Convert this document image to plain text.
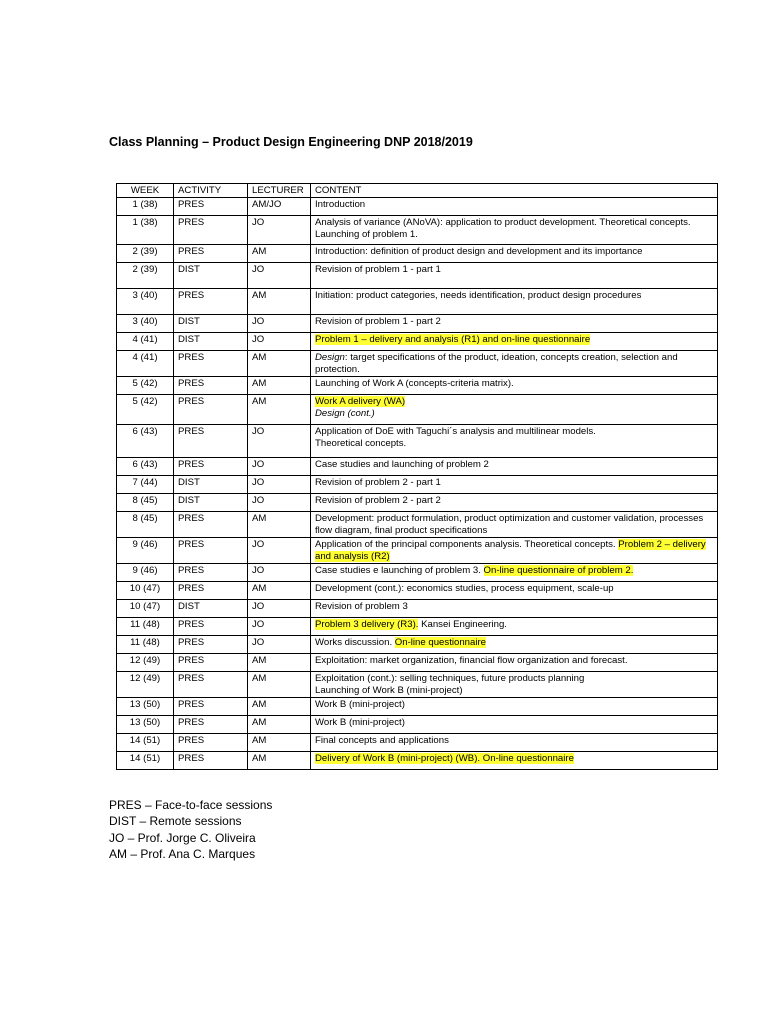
Class Planning – Product Design Engineering DNP 2018/2019
WEEK	ACTIVITY	LECTURER	CONTENT
1 (38)	PRES	AM/JO	Introduction
1 (38)	PRES	JO	Analysis of variance (ANoVA): application to product development. Theoretical concepts. Launching of problem 1.
2 (39)	PRES	AM	Introduction: definition of product design and development and its importance
2 (39)	DIST	JO	Revision of problem 1 - part 1
3 (40)	PRES	AM	Initiation: product categories, needs identification, product design procedures
3 (40)	DIST	JO	Revision of problem 1 - part 2
4 (41)	DIST	JO	Problem 1 – delivery and analysis (R1) and on-line questionnaire
4 (41)	PRES	AM	Design: target specifications of the product, ideation, concepts creation, selection and protection.
5 (42)	PRES	AM	Launching of Work A (concepts-criteria matrix).
5 (42)	PRES	AM	Work A delivery (WA)
Design (cont.)
6 (43)	PRES	JO	Application of DoE with Taguchi´s analysis and multilinear models.
Theoretical concepts.
6 (43)	PRES	JO	Case studies and launching of problem 2
7 (44)	DIST	JO	Revision of problem 2 - part 1
8 (45)	DIST	JO	Revision of problem 2 - part 2
8 (45)	PRES	AM	Development: product formulation, product optimization and customer validation, processes flow diagram, final product specifications
9 (46)	PRES	JO	Application of the principal components analysis. Theoretical concepts. Problem 2 – delivery and analysis (R2)
9 (46)	PRES	JO	Case studies e launching of problem 3. On-line questionnaire of problem 2.
10 (47)	PRES	AM	Development (cont.): economics studies, process equipment, scale-up
10 (47)	DIST	JO	Revision of problem 3
11 (48)	PRES	JO	Problem 3 delivery (R3). Kansei Engineering.
11 (48)	PRES	JO	Works discussion. On-line questionnaire
12 (49)	PRES	AM	Exploitation: market organization, financial flow organization and forecast.
12 (49)	PRES	AM	Exploitation (cont.): selling techniques, future products planning
Launching of Work B (mini-project)
13 (50)	PRES	AM	Work B (mini-project)
13 (50)	PRES	AM	Work B (mini-project)
14 (51)	PRES	AM	Final concepts and applications
14 (51)	PRES	AM	Delivery of Work B (mini-project) (WB). On-line questionnaire
PRES – Face-to-face sessions
DIST – Remote sessions
JO – Prof. Jorge C. Oliveira
AM – Prof. Ana C. Marques
